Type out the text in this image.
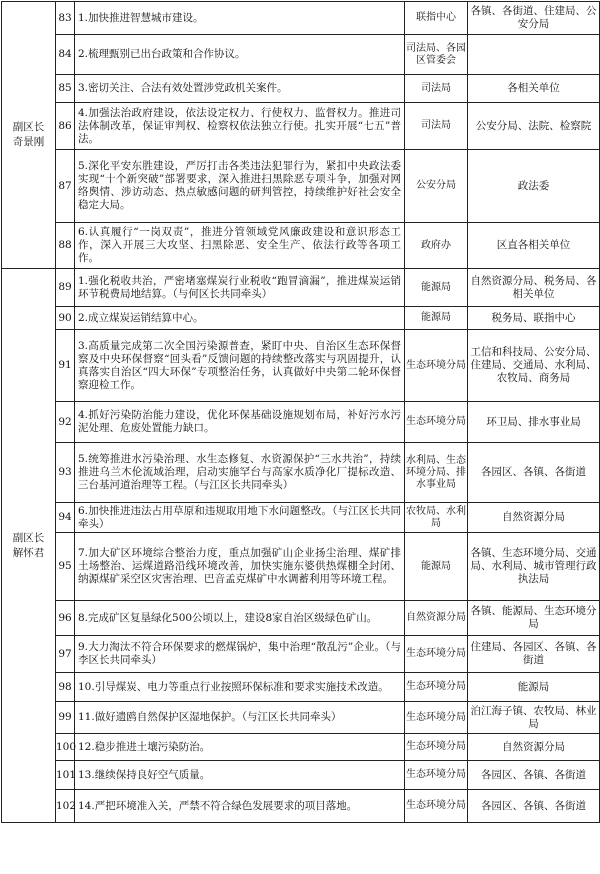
副区长奇景刚	83	1.加快推进智慧城市建设。	联指中心	各镇、各街道、住建局、公安分局
	84	2.梳理甄别已出台政策和合作协议。	司法局、各园区管委会	
	85	3.密切关注、合法有效处置涉党政机关案件。	司法局	各相关单位
	86	4.加强法治政府建设，依法设定权力、行使权力、监督权力。推进司法体制改革，保证审判权、检察权依法独立行使。扎实开展“七五”普法。	司法局	公安分局、法院、检察院
	87	5.深化平安东胜建设，严厉打击各类违法犯罪行为，紧扣中央政法委实现“十个新突破”部署要求，深入推进扫黑除恶专项斗争，加强对网络舆情、涉访动态、热点敏感问题的研判管控，持续维护好社会安全稳定大局。	公安分局	政法委
	88	6.认真履行“一岗双责”，推进分管领域党风廉政建设和意识形态工作，深入开展三大攻坚、扫黑除恶、安全生产、依法行政等各项工作。	政府办	区直各相关单位
副区长解怀君	89	1.强化税收共治，严密堵塞煤炭行业税收“跑冒滴漏”，推进煤炭运销环节税费局地结算。（与何区长共同牵头）	能源局	自然资源分局、税务局、各相关单位
	90	2.成立煤炭运销结算中心。	能源局	税务局、联指中心
	91	3.高质量完成第二次全国污染源普查，紧盯中央、自治区生态环保督察及中央环保督察“回头看”反馈问题的持续整改落实与巩固提升，认真落实自治区“四大环保”专项整治任务，认真做好中央第二轮环保督察迎检工作。	生态环境分局	工信和科技局、公安分局、住建局、交通局、水利局、农牧局、商务局
	92	4.抓好污染防治能力建设，优化环保基础设施规划布局，补好污水污泥处理、危废处置能力缺口。	生态环境分局	环卫局、排水事业局
	93	5.统筹推进水污染治理、水生态修复、水资源保护“三水共治”，持续推进乌兰木伦流域治理，启动实施罕台与高家水质净化厂提标改造、三台基河道治理等工程。（与江区长共同牵头）	水利局、生态环境分局、排水事业局	各园区、各镇、各街道
	94	6.加快推进违法占用草原和违规取用地下水问题整改。（与江区长共同牵头）	农牧局、水利局	自然资源分局
	95	7.加大矿区环境综合整治力度，重点加强矿山企业扬尘治理、煤矿排土场整治、运煤道路沿线环境改善，加快实施东婆供热煤棚全封闭、纳源煤矿采空区灾害治理、巴音孟克煤矿中水调蓄利用等环境工程。	能源局	各镇、生态环境分局、交通局、水利局、城市管理行政执法局
	96	8.完成矿区复垦绿化500公顷以上，建设8家自治区级绿色矿山。	自然资源分局	各镇、能源局、生态环境分局
	97	9.大力淘汰不符合环保要求的燃煤锅炉，集中治理“散乱污”企业。（与李区长共同牵头）	生态环境分局	住建局、各园区、各镇、各街道
	98	10.引导煤炭、电力等重点行业按照环保标准和要求实施技术改造。	生态环境分局	能源局
	99	11.做好遗鸥自然保护区湿地保护。（与江区长共同牵头）	生态环境分局	泊江海子镇、农牧局、林业局
	100	12.稳步推进土壤污染防治。	生态环境分局	自然资源分局
	101	13.继续保持良好空气质量。	生态环境分局	各园区、各镇、各街道
	102	14.严把环境准入关，严禁不符合绿色发展要求的项目落地。	生态环境分局	各园区、各镇、各街道
